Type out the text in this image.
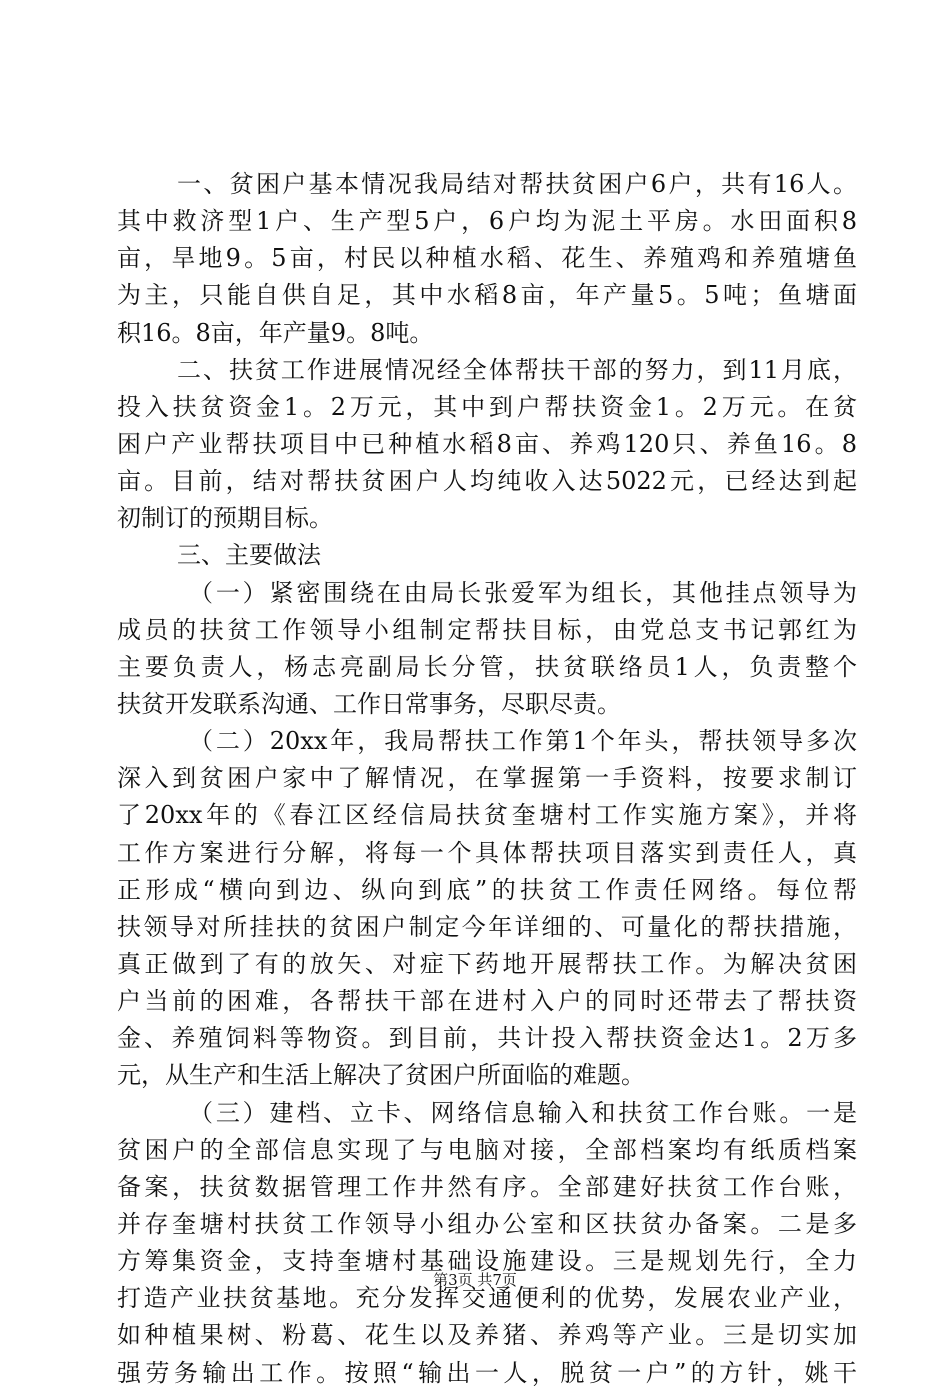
一、贫困户基本情况我局结对帮扶贫困户6户，共有16人。
其中救济型1户、生产型5户，6户均为泥土平房。水田面积8
亩，旱地9。5亩，村民以种植水稻、花生、养殖鸡和养殖塘鱼
为主，只能自供自足，其中水稻8亩，年产量5。5吨；鱼塘面
积16。8亩，年产量9。8吨。
二、扶贫工作进展情况经全体帮扶干部的努力，到11月底，
投入扶贫资金1。2万元，其中到户帮扶资金1。2万元。在贫
困户产业帮扶项目中已种植水稻8亩、养鸡120只、养鱼16。8
亩。目前，结对帮扶贫困户人均纯收入达5022元，已经达到起
初制订的预期目标。
三、主要做法
（一）紧密围绕在由局长张爱军为组长，其他挂点领导为
成员的扶贫工作领导小组制定帮扶目标，由党总支书记郭红为
主要负责人，杨志亮副局长分管，扶贫联络员1人，负责整个
扶贫开发联系沟通、工作日常事务，尽职尽责。
（二）20xx年，我局帮扶工作第1个年头，帮扶领导多次
深入到贫困户家中了解情况，在掌握第一手资料，按要求制订
了20xx年的《春江区经信局扶贫奎塘村工作实施方案》，并将
工作方案进行分解，将每一个具体帮扶项目落实到责任人，真
正形成“横向到边、纵向到底”的扶贫工作责任网络。每位帮
扶领导对所挂扶的贫困户制定今年详细的、可量化的帮扶措施，
真正做到了有的放矢、对症下药地开展帮扶工作。为解决贫困
户当前的困难，各帮扶干部在进村入户的同时还带去了帮扶资
金、养殖饲料等物资。到目前，共计投入帮扶资金达1。2万多
元，从生产和生活上解决了贫困户所面临的难题。
（三）建档、立卡、网络信息输入和扶贫工作台账。一是
贫困户的全部信息实现了与电脑对接，全部档案均有纸质档案
备案，扶贫数据管理工作井然有序。全部建好扶贫工作台账，
并存奎塘村扶贫工作领导小组办公室和区扶贫办备案。二是多
方筹集资金，支持奎塘村基础设施建设。三是规划先行，全力
打造产业扶贫基地。充分发挥交通便利的优势，发展农业产业，
如种植果树、粉葛、花生以及养猪、养鸡等产业。三是切实加
强劳务输出工作。按照“输出一人，脱贫一户”的方针，姚干
第3页 共7页
